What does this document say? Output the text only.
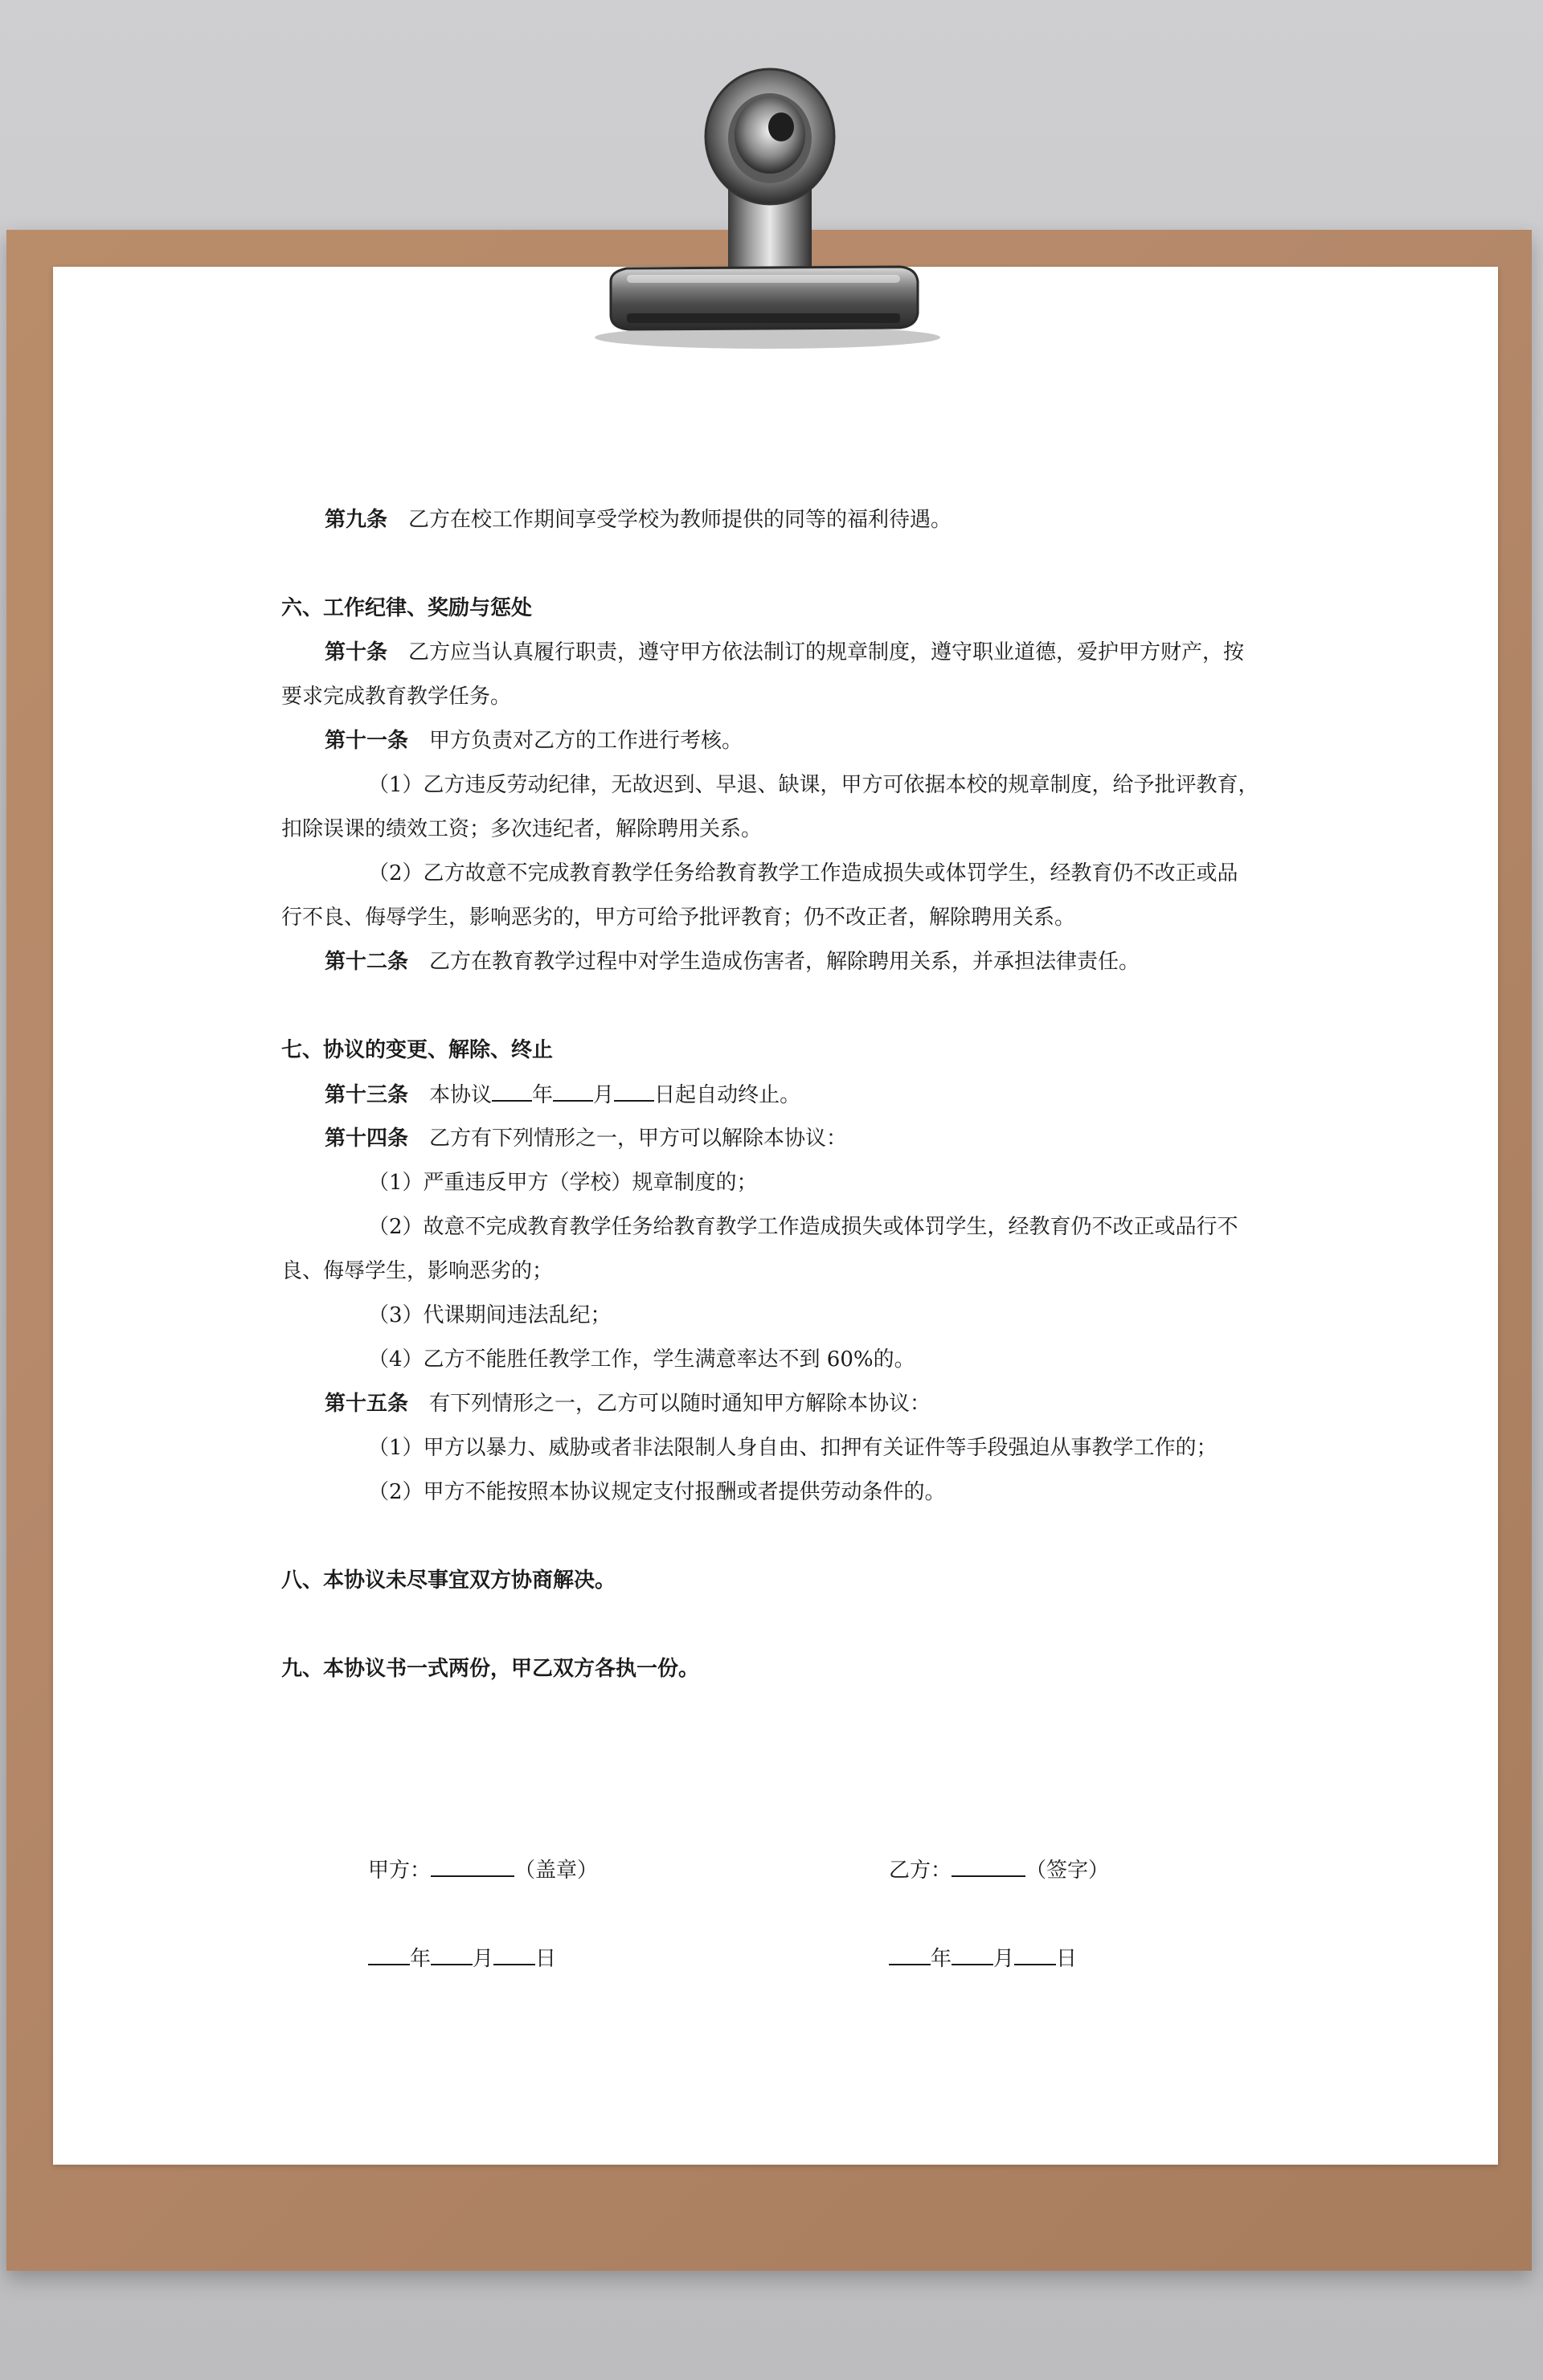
第九条 乙方在校工作期间享受学校为教师提供的同等的福利待遇。
六、工作纪律、奖励与惩处
第十条 乙方应当认真履行职责，遵守甲方依法制订的规章制度，遵守职业道德，爱护甲方财产，按
要求完成教育教学任务。
第十一条 甲方负责对乙方的工作进行考核。
（1）乙方违反劳动纪律，无故迟到、早退、缺课，甲方可依据本校的规章制度，给予批评教育，
扣除误课的绩效工资；多次违纪者，解除聘用关系。
（2）乙方故意不完成教育教学任务给教育教学工作造成损失或体罚学生，经教育仍不改正或品
行不良、侮辱学生，影响恶劣的，甲方可给予批评教育；仍不改正者，解除聘用关系。
第十二条 乙方在教育教学过程中对学生造成伤害者，解除聘用关系，并承担法律责任。
七、协议的变更、解除、终止
第十三条 本协议 年 月 日起自动终止。
第十四条 乙方有下列情形之一，甲方可以解除本协议：
（1）严重违反甲方（学校）规章制度的；
（2）故意不完成教育教学任务给教育教学工作造成损失或体罚学生，经教育仍不改正或品行不
良、侮辱学生，影响恶劣的；
（3）代课期间违法乱纪；
（4）乙方不能胜任教学工作，学生满意率达不到 60%的。
第十五条 有下列情形之一，乙方可以随时通知甲方解除本协议：
（1）甲方以暴力、威胁或者非法限制人身自由、扣押有关证件等手段强迫从事教学工作的；
（2）甲方不能按照本协议规定支付报酬或者提供劳动条件的。
八、本协议未尽事宜双方协商解决。
九、本协议书一式两份，甲乙双方各执一份。
甲方：	（盖章）	乙方：	（签字）
年 月 日	年 月 日
